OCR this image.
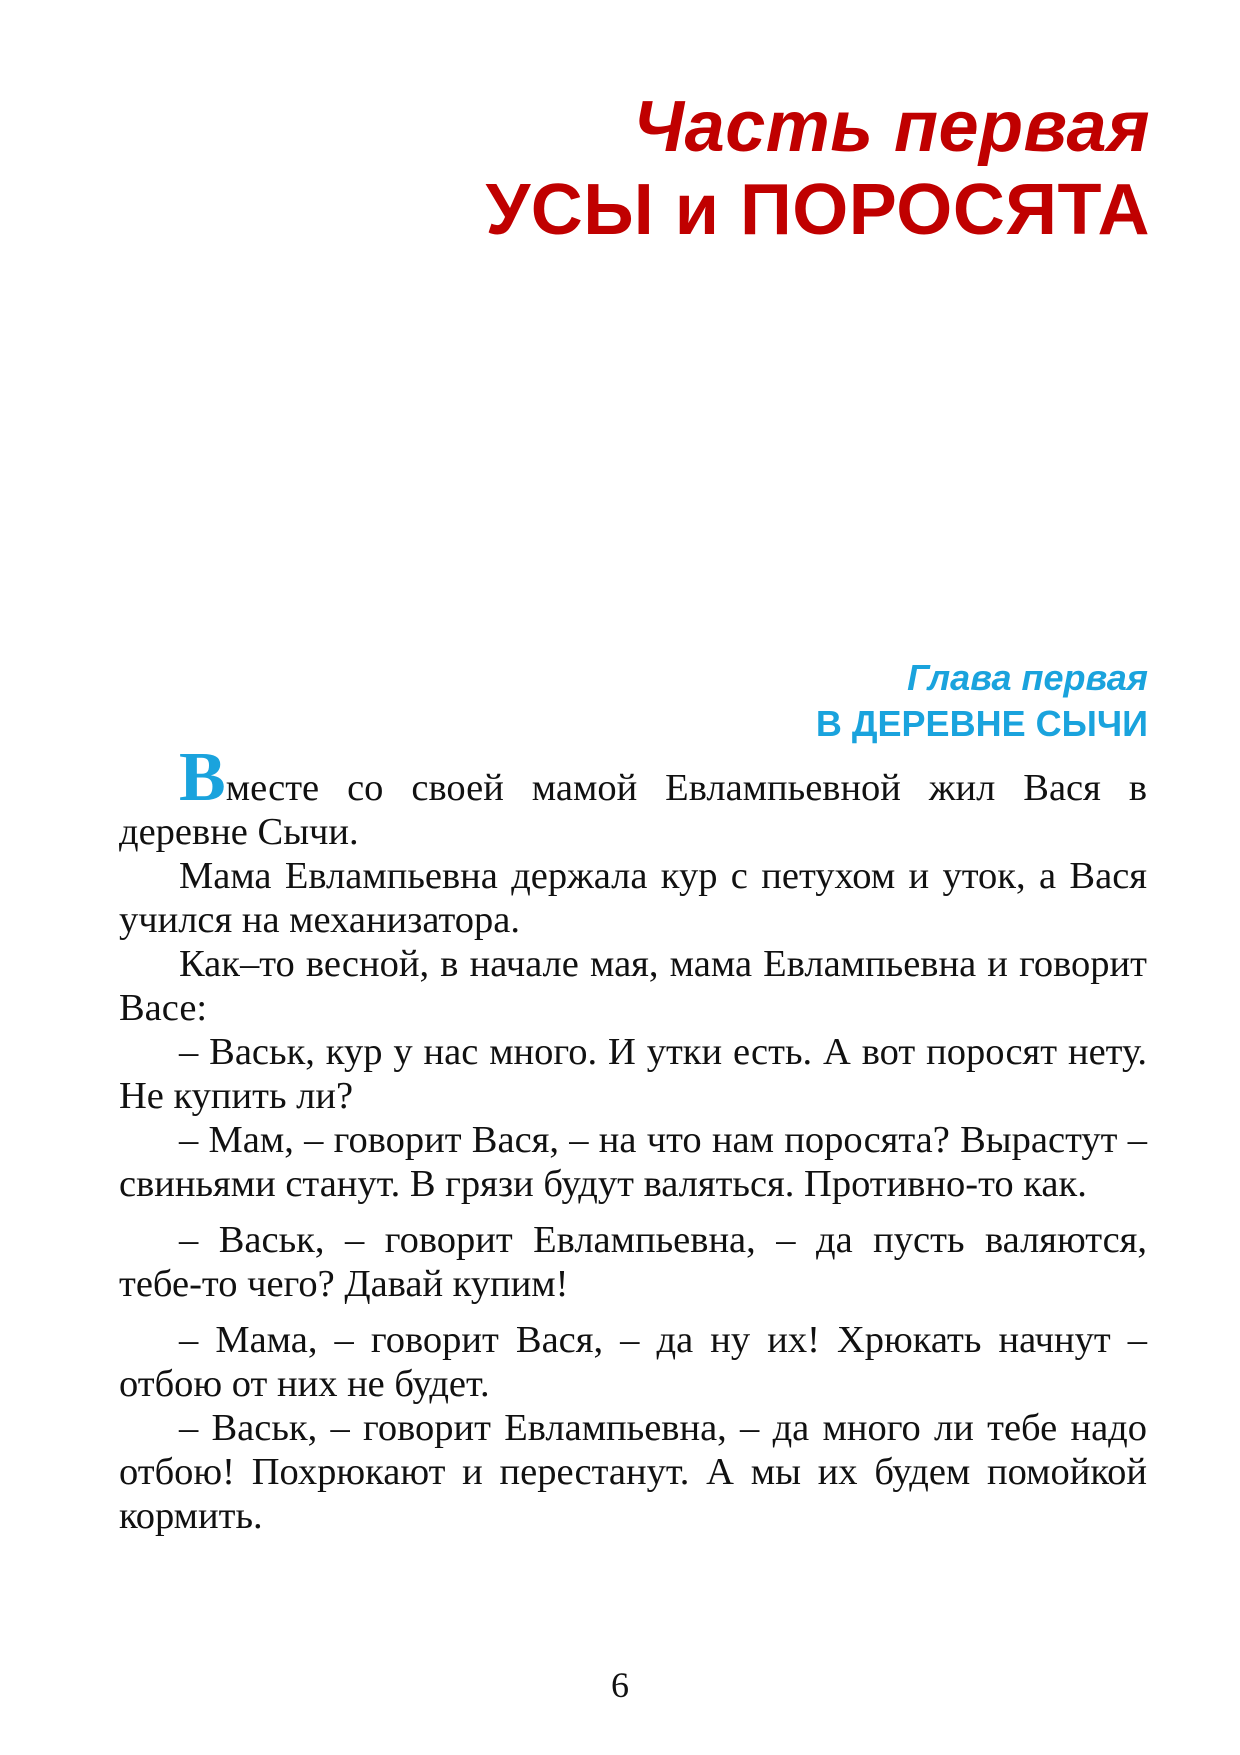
Часть первая
УСЫ и ПОРОСЯТА
Глава первая
В ДЕРЕВНЕ СЫЧИ

Вместе со своей мамой Евлампьевной жил Вася в деревне Сычи.

Мама Евлампьевна держала кур с петухом и уток, а Вася учился на механизатора.

Как–то весной, в начале мая, мама Евлампьевна и говорит Васе:

– Васьк, кур у нас много. И утки есть. А вот поросят нету. Не купить ли?

– Мам, – говорит Вася, – на что нам поросята? Вырастут – свиньями станут. В грязи будут валяться. Противно-то как.

– Васьк, – говорит Евлампьевна, – да пусть валяются, тебе-то чего? Давай купим!

– Мама, – говорит Вася, – да ну их! Хрюкать начнут – отбою от них не будет.

– Васьк, – говорит Евлампьевна, – да много ли тебе надо отбою! Похрюкают и перестанут. А мы их будем помойкой кормить.

6
